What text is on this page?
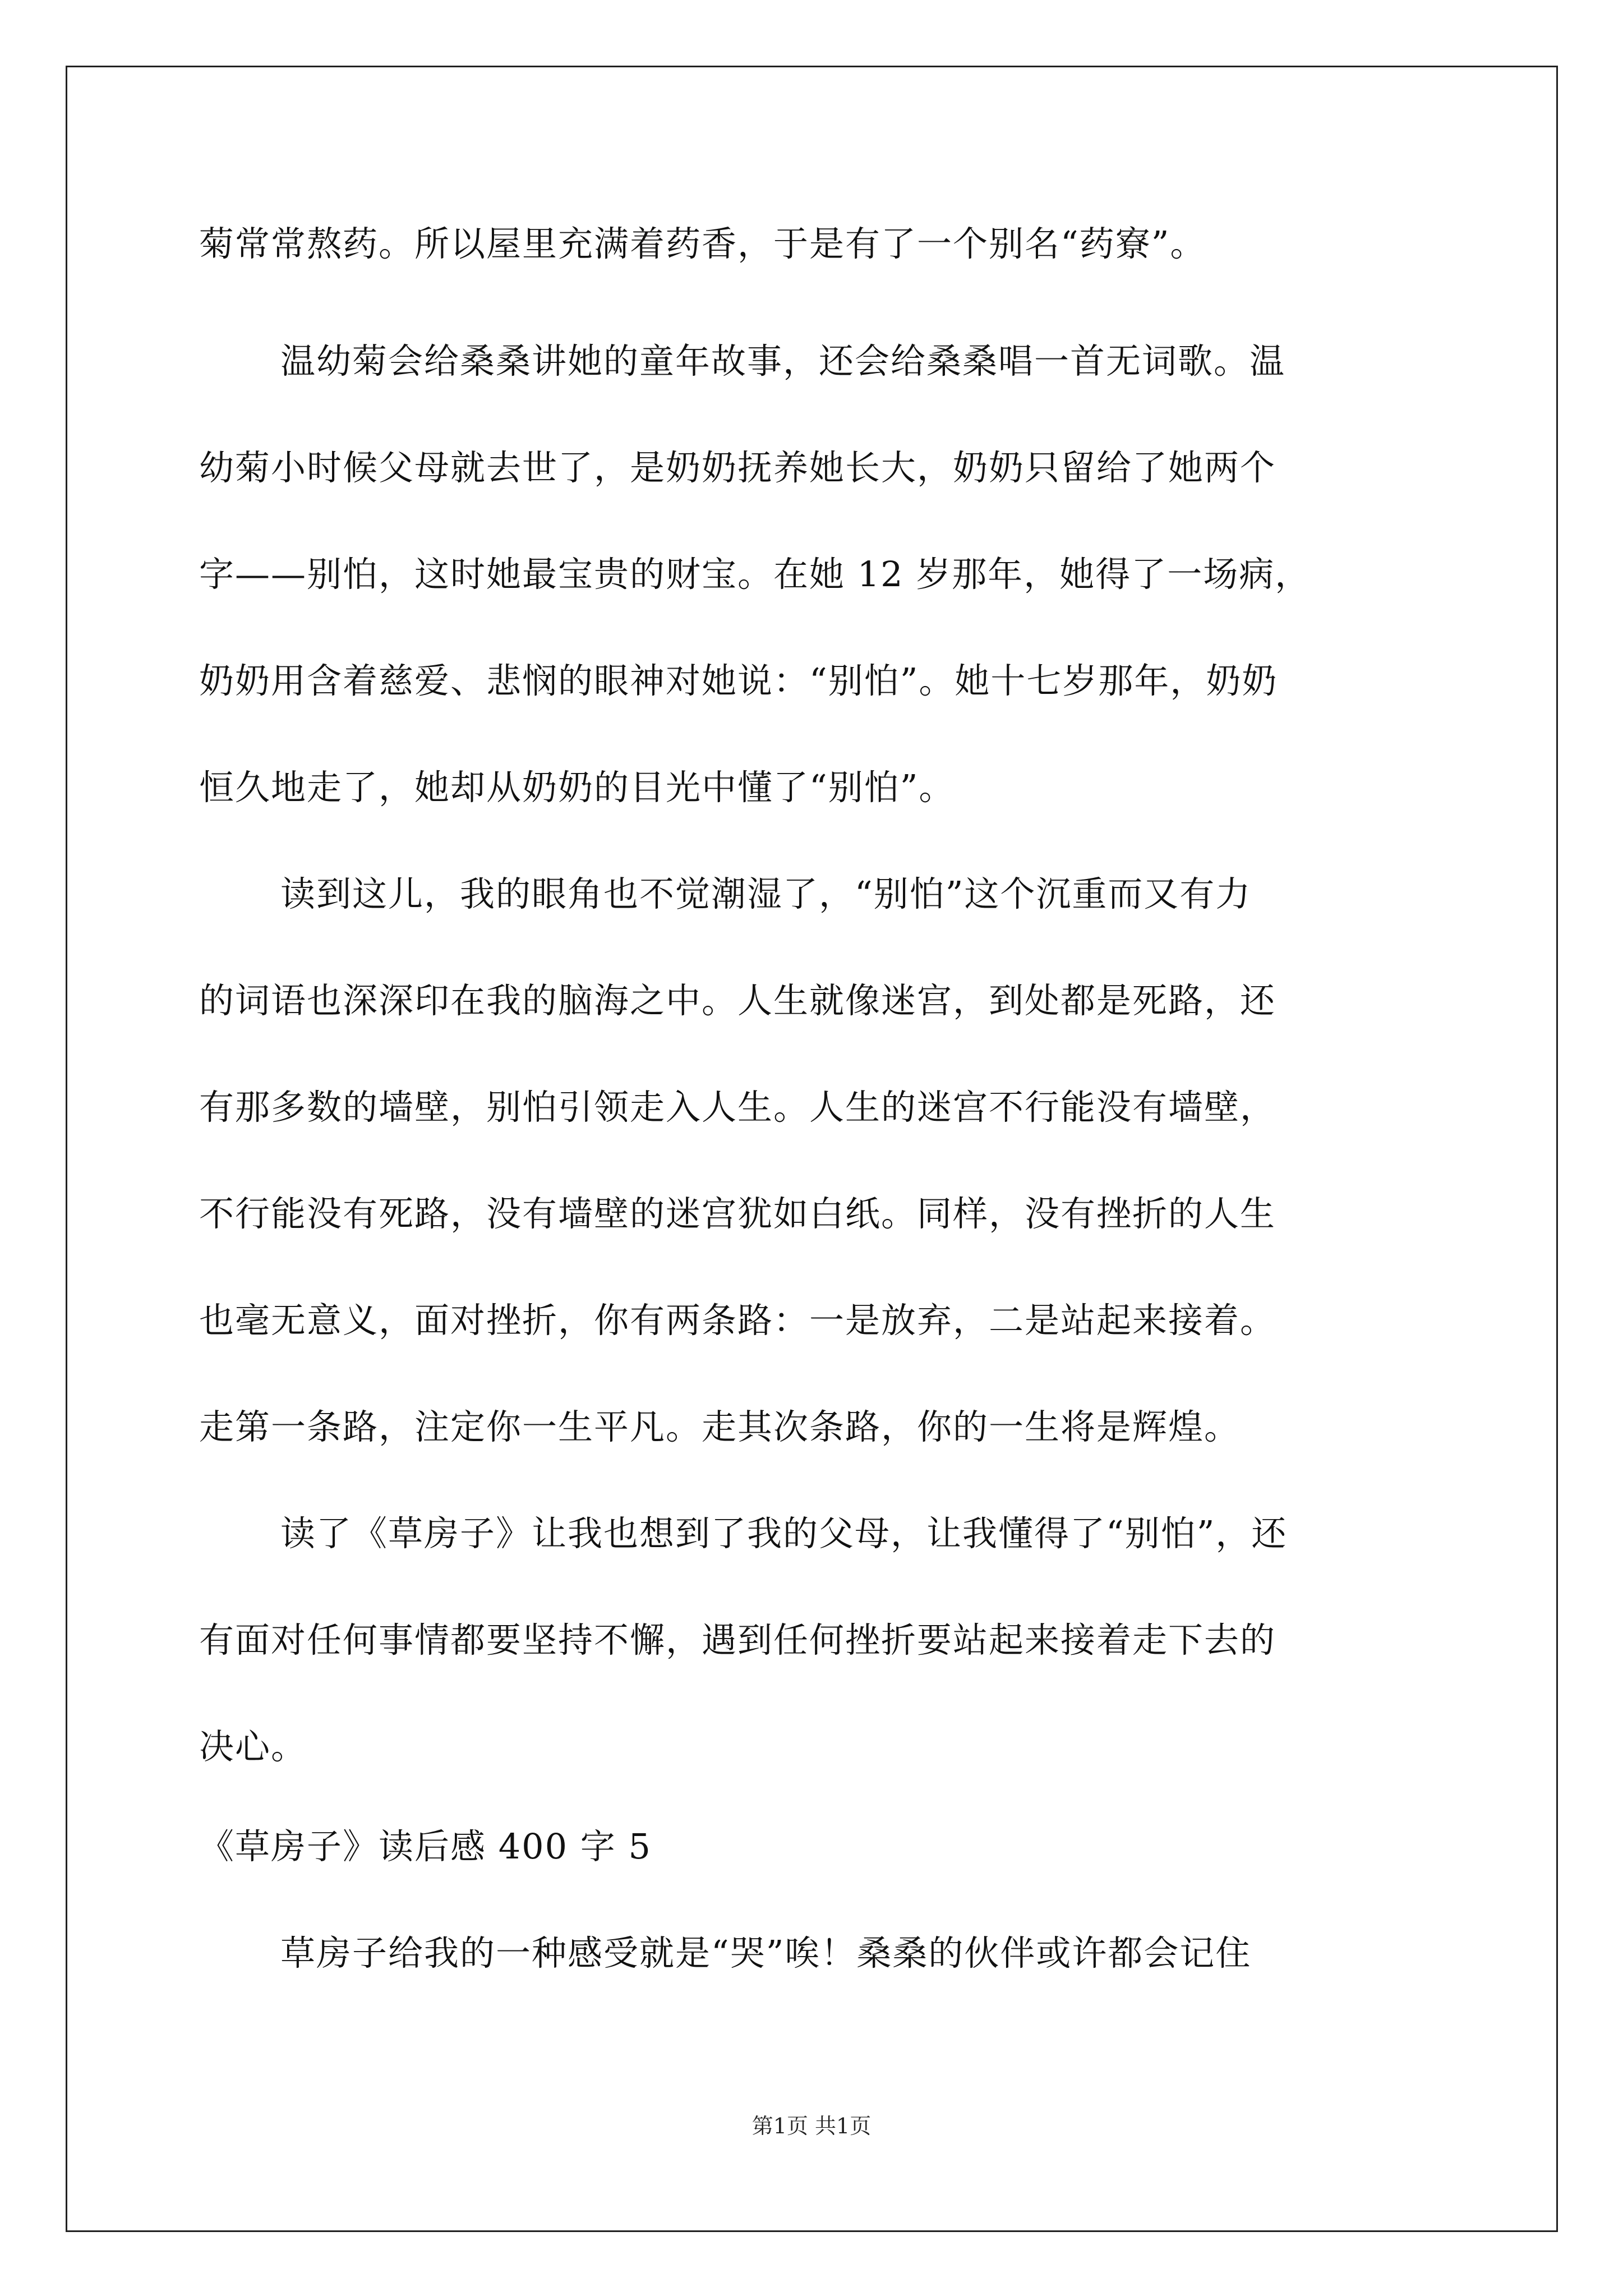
菊常常熬药。所以屋里充满着药香，于是有了一个别名“药寮”。
温幼菊会给桑桑讲她的童年故事，还会给桑桑唱一首无词歌。温
幼菊小时候父母就去世了，是奶奶抚养她长大，奶奶只留给了她两个
字——别怕，这时她最宝贵的财宝。在她 12 岁那年，她得了一场病，
奶奶用含着慈爱、悲悯的眼神对她说：“别怕”。她十七岁那年，奶奶
恒久地走了，她却从奶奶的目光中懂了“别怕”。
读到这儿，我的眼角也不觉潮湿了，“别怕”这个沉重而又有力
的词语也深深印在我的脑海之中。人生就像迷宫，到处都是死路，还
有那多数的墙壁，别怕引领走入人生。人生的迷宫不行能没有墙壁，
不行能没有死路，没有墙壁的迷宫犹如白纸。同样，没有挫折的人生
也毫无意义，面对挫折，你有两条路：一是放弃，二是站起来接着。
走第一条路，注定你一生平凡。走其次条路，你的一生将是辉煌。
读了《草房子》让我也想到了我的父母，让我懂得了“别怕”，还
有面对任何事情都要坚持不懈，遇到任何挫折要站起来接着走下去的
决心。
《草房子》读后感 400 字 5
草房子给我的一种感受就是“哭”唉！桑桑的伙伴或许都会记住
第1页 共1页
